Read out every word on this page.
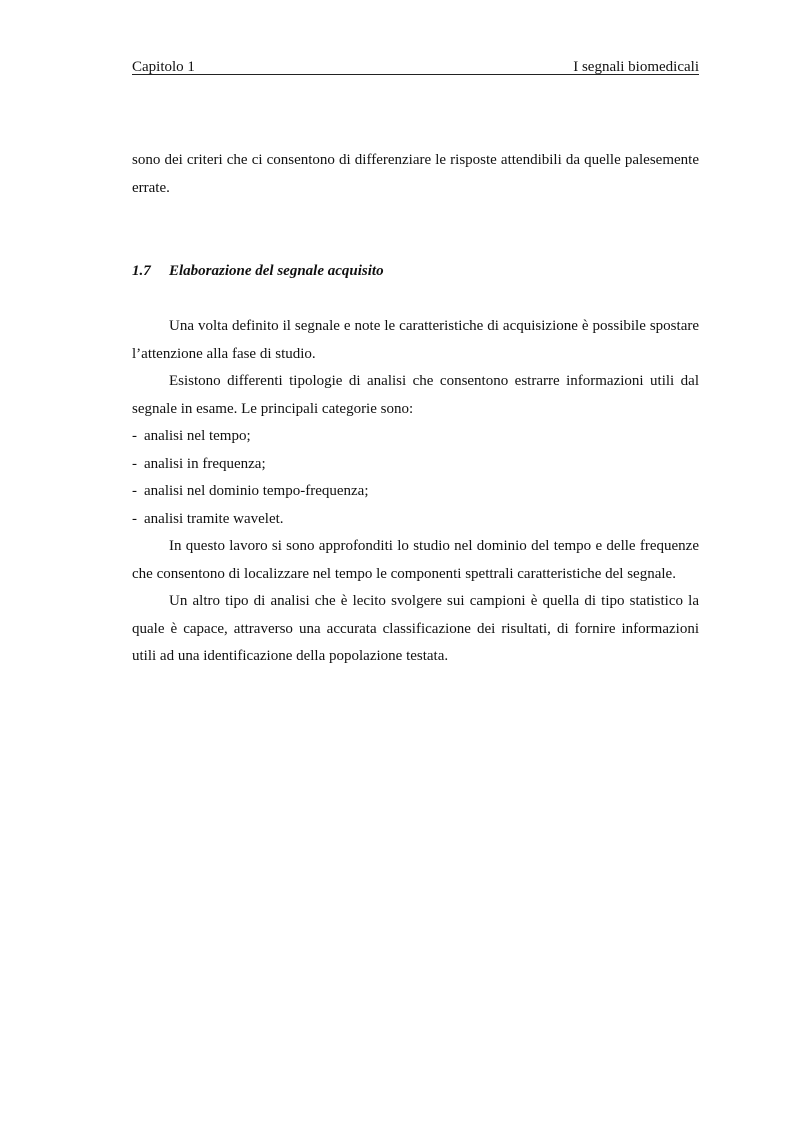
Capitolo 1	I segnali biomedicali

sono dei criteri che ci consentono di differenziare le risposte attendibili da quelle palesemente errate.

1.7 Elaborazione del segnale acquisito

Una volta definito il segnale e note le caratteristiche di acquisizione è possibile spostare l’attenzione alla fase di studio.

Esistono differenti tipologie di analisi che consentono estrarre informazioni utili dal segnale in esame. Le principali categorie sono:

- analisi nel tempo;
- analisi in frequenza;
- analisi nel dominio tempo-frequenza;
- analisi tramite wavelet.

In questo lavoro si sono approfonditi lo studio nel dominio del tempo e delle frequenze che consentono di localizzare nel tempo le componenti spettrali caratteristiche del segnale.

Un altro tipo di analisi che è lecito svolgere sui campioni è quella di tipo statistico la quale è capace, attraverso una accurata classificazione dei risultati, di fornire informazioni utili ad una identificazione della popolazione testata.
